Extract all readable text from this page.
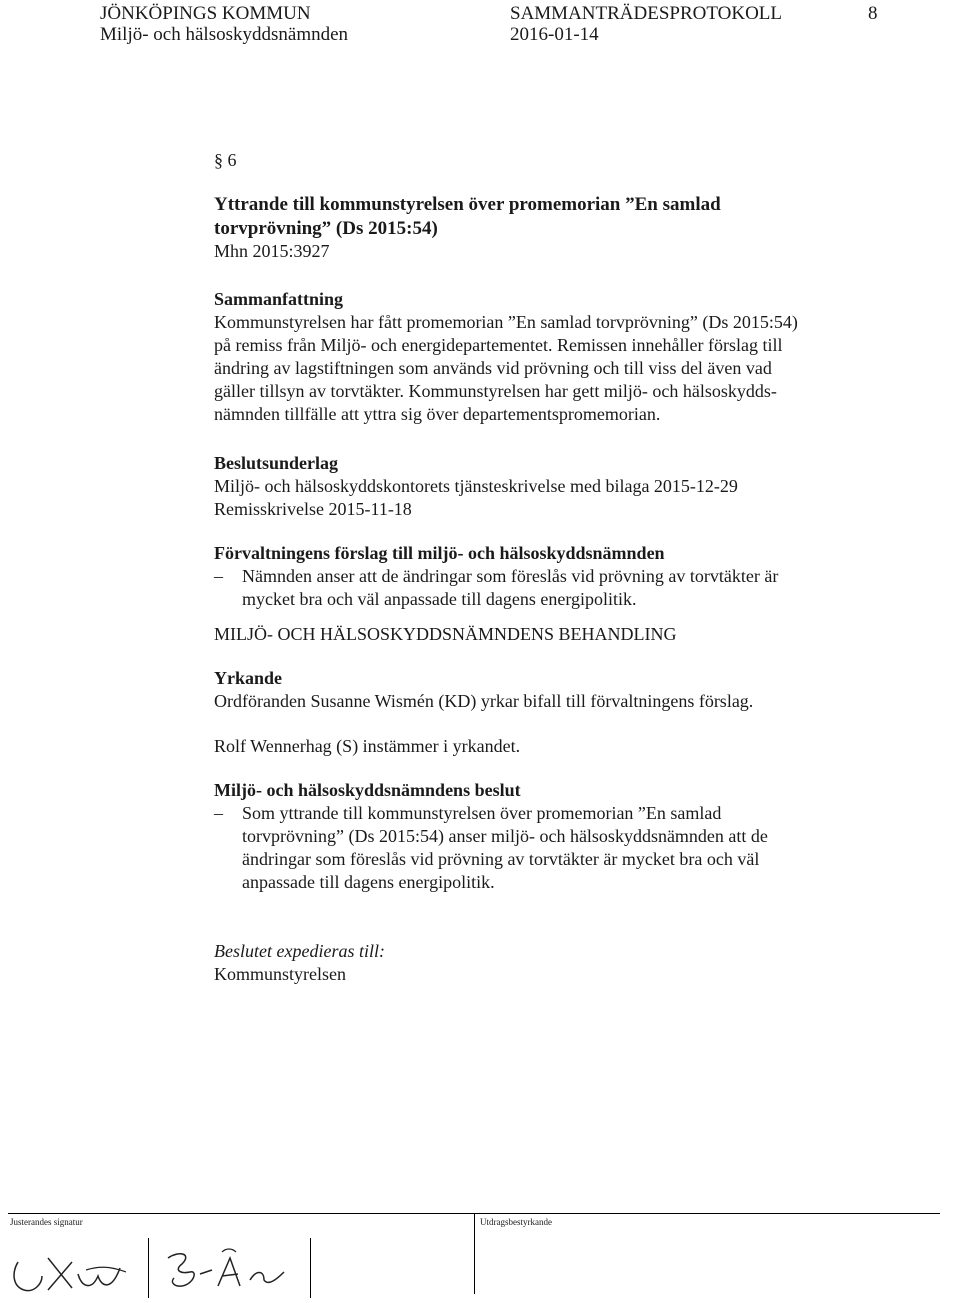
JÖNKÖPINGS KOMMUN
Miljö- och hälsoskyddsnämnden
SAMMANTRÄDESPROTOKOLL
2016-01-14
8
§ 6
Yttrande till kommunstyrelsen över promemorian ”En samlad
torvprövning” (Ds 2015:54)
Mhn 2015:3927
Sammanfattning
Kommunstyrelsen har fått promemorian ”En samlad torvprövning” (Ds 2015:54)
på remiss från Miljö- och energidepartementet. Remissen innehåller förslag till
ändring av lagstiftningen som används vid prövning och till viss del även vad
gäller tillsyn av torvtäkter. Kommunstyrelsen har gett miljö- och hälsoskydds-
nämnden tillfälle att yttra sig över departementspromemorian.
Beslutsunderlag
Miljö- och hälsoskyddskontorets tjänsteskrivelse med bilaga 2015-12-29
Remisskrivelse 2015-11-18
Förvaltningens förslag till miljö- och hälsoskyddsnämnden
– Nämnden anser att de ändringar som föreslås vid prövning av torvtäkter är
mycket bra och väl anpassade till dagens energipolitik.
MILJÖ- OCH HÄLSOSKYDDSNÄMNDENS BEHANDLING
Yrkande
Ordföranden Susanne Wismén (KD) yrkar bifall till förvaltningens förslag.
Rolf Wennerhag (S) instämmer i yrkandet.
Miljö- och hälsoskyddsnämndens beslut
– Som yttrande till kommunstyrelsen över promemorian ”En samlad
torvprövning” (Ds 2015:54) anser miljö- och hälsoskyddsnämnden att de
ändringar som föreslås vid prövning av torvtäkter är mycket bra och väl
anpassade till dagens energipolitik.
Beslutet expedieras till:
Kommunstyrelsen
Justerandes signatur	Utdragsbestyrkande
